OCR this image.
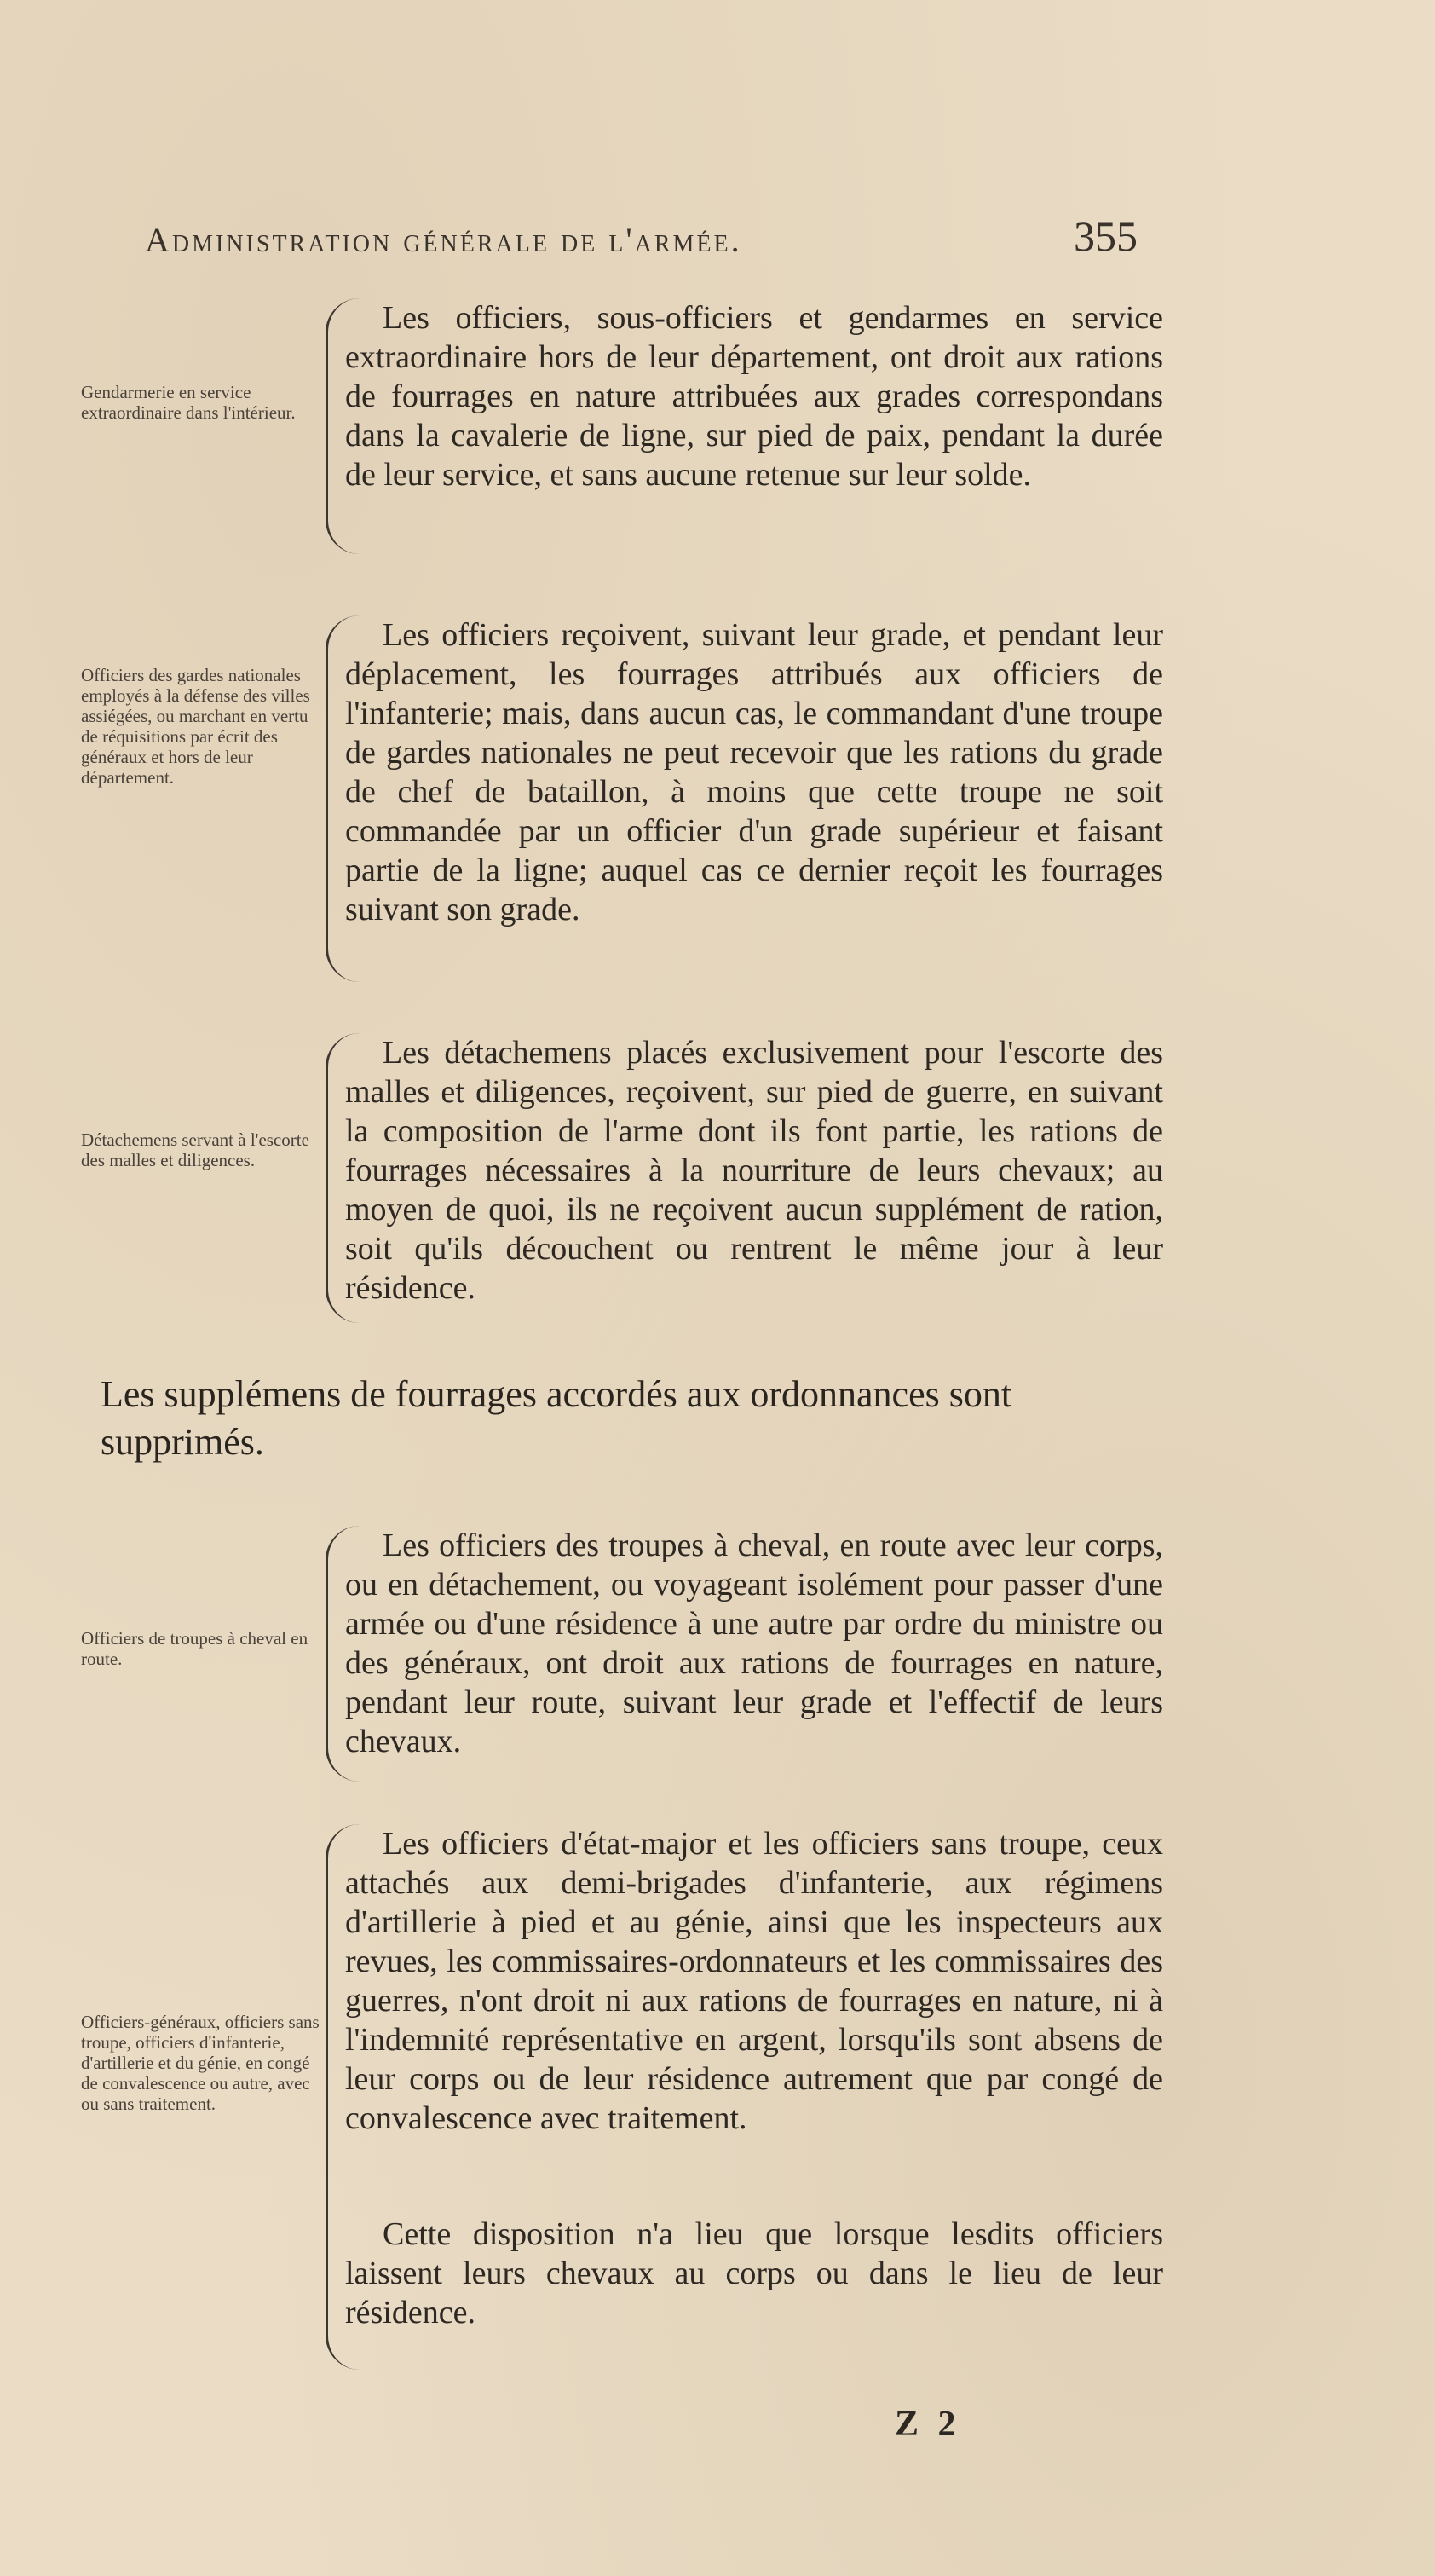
Administration générale de l'armée.	355
Gendarmerie en service extraordinaire dans l'intérieur.
Les officiers, sous-officiers et gendarmes en service extraordinaire hors de leur département, ont droit aux rations de fourrages en nature attribuées aux grades correspondans dans la cavalerie de ligne, sur pied de paix, pendant la durée de leur service, et sans aucune retenue sur leur solde.
Officiers des gardes nationales employés à la défense des villes assiégées, ou marchant en vertu de réquisitions par écrit des généraux et hors de leur département.
Les officiers reçoivent, suivant leur grade, et pendant leur déplacement, les fourrages attribués aux officiers de l'infanterie; mais, dans aucun cas, le commandant d'une troupe de gardes nationales ne peut recevoir que les rations du grade de chef de bataillon, à moins que cette troupe ne soit commandée par un officier d'un grade supérieur et faisant partie de la ligne; auquel cas ce dernier reçoit les fourrages suivant son grade.
Détachemens servant à l'escorte des malles et diligences.
Les détachemens placés exclusivement pour l'escorte des malles et diligences, reçoivent, sur pied de guerre, en suivant la composition de l'arme dont ils font partie, les rations de fourrages nécessaires à la nourriture de leurs chevaux; au moyen de quoi, ils ne reçoivent aucun supplément de ration, soit qu'ils découchent ou rentrent le même jour à leur résidence.
Les supplémens de fourrages accordés aux ordonnances sont supprimés.
Officiers de troupes à cheval en route.
Les officiers des troupes à cheval, en route avec leur corps, ou en détachement, ou voyageant isolément pour passer d'une armée ou d'une résidence à une autre par ordre du ministre ou des généraux, ont droit aux rations de fourrages en nature, pendant leur route, suivant leur grade et l'effectif de leurs chevaux.
Officiers-généraux, officiers sans troupe, officiers d'infanterie, d'artillerie et du génie, en congé de convalescence ou autre, avec ou sans traitement.
Les officiers d'état-major et les officiers sans troupe, ceux attachés aux demi-brigades d'infanterie, aux régimens d'artillerie à pied et au génie, ainsi que les inspecteurs aux revues, les commissaires-ordonnateurs et les commissaires des guerres, n'ont droit ni aux rations de fourrages en nature, ni à l'indemnité représentative en argent, lorsqu'ils sont absens de leur corps ou de leur résidence autrement que par congé de convalescence avec traitement.
Cette disposition n'a lieu que lorsque lesdits officiers laissent leurs chevaux au corps ou dans le lieu de leur résidence.
Z 2
